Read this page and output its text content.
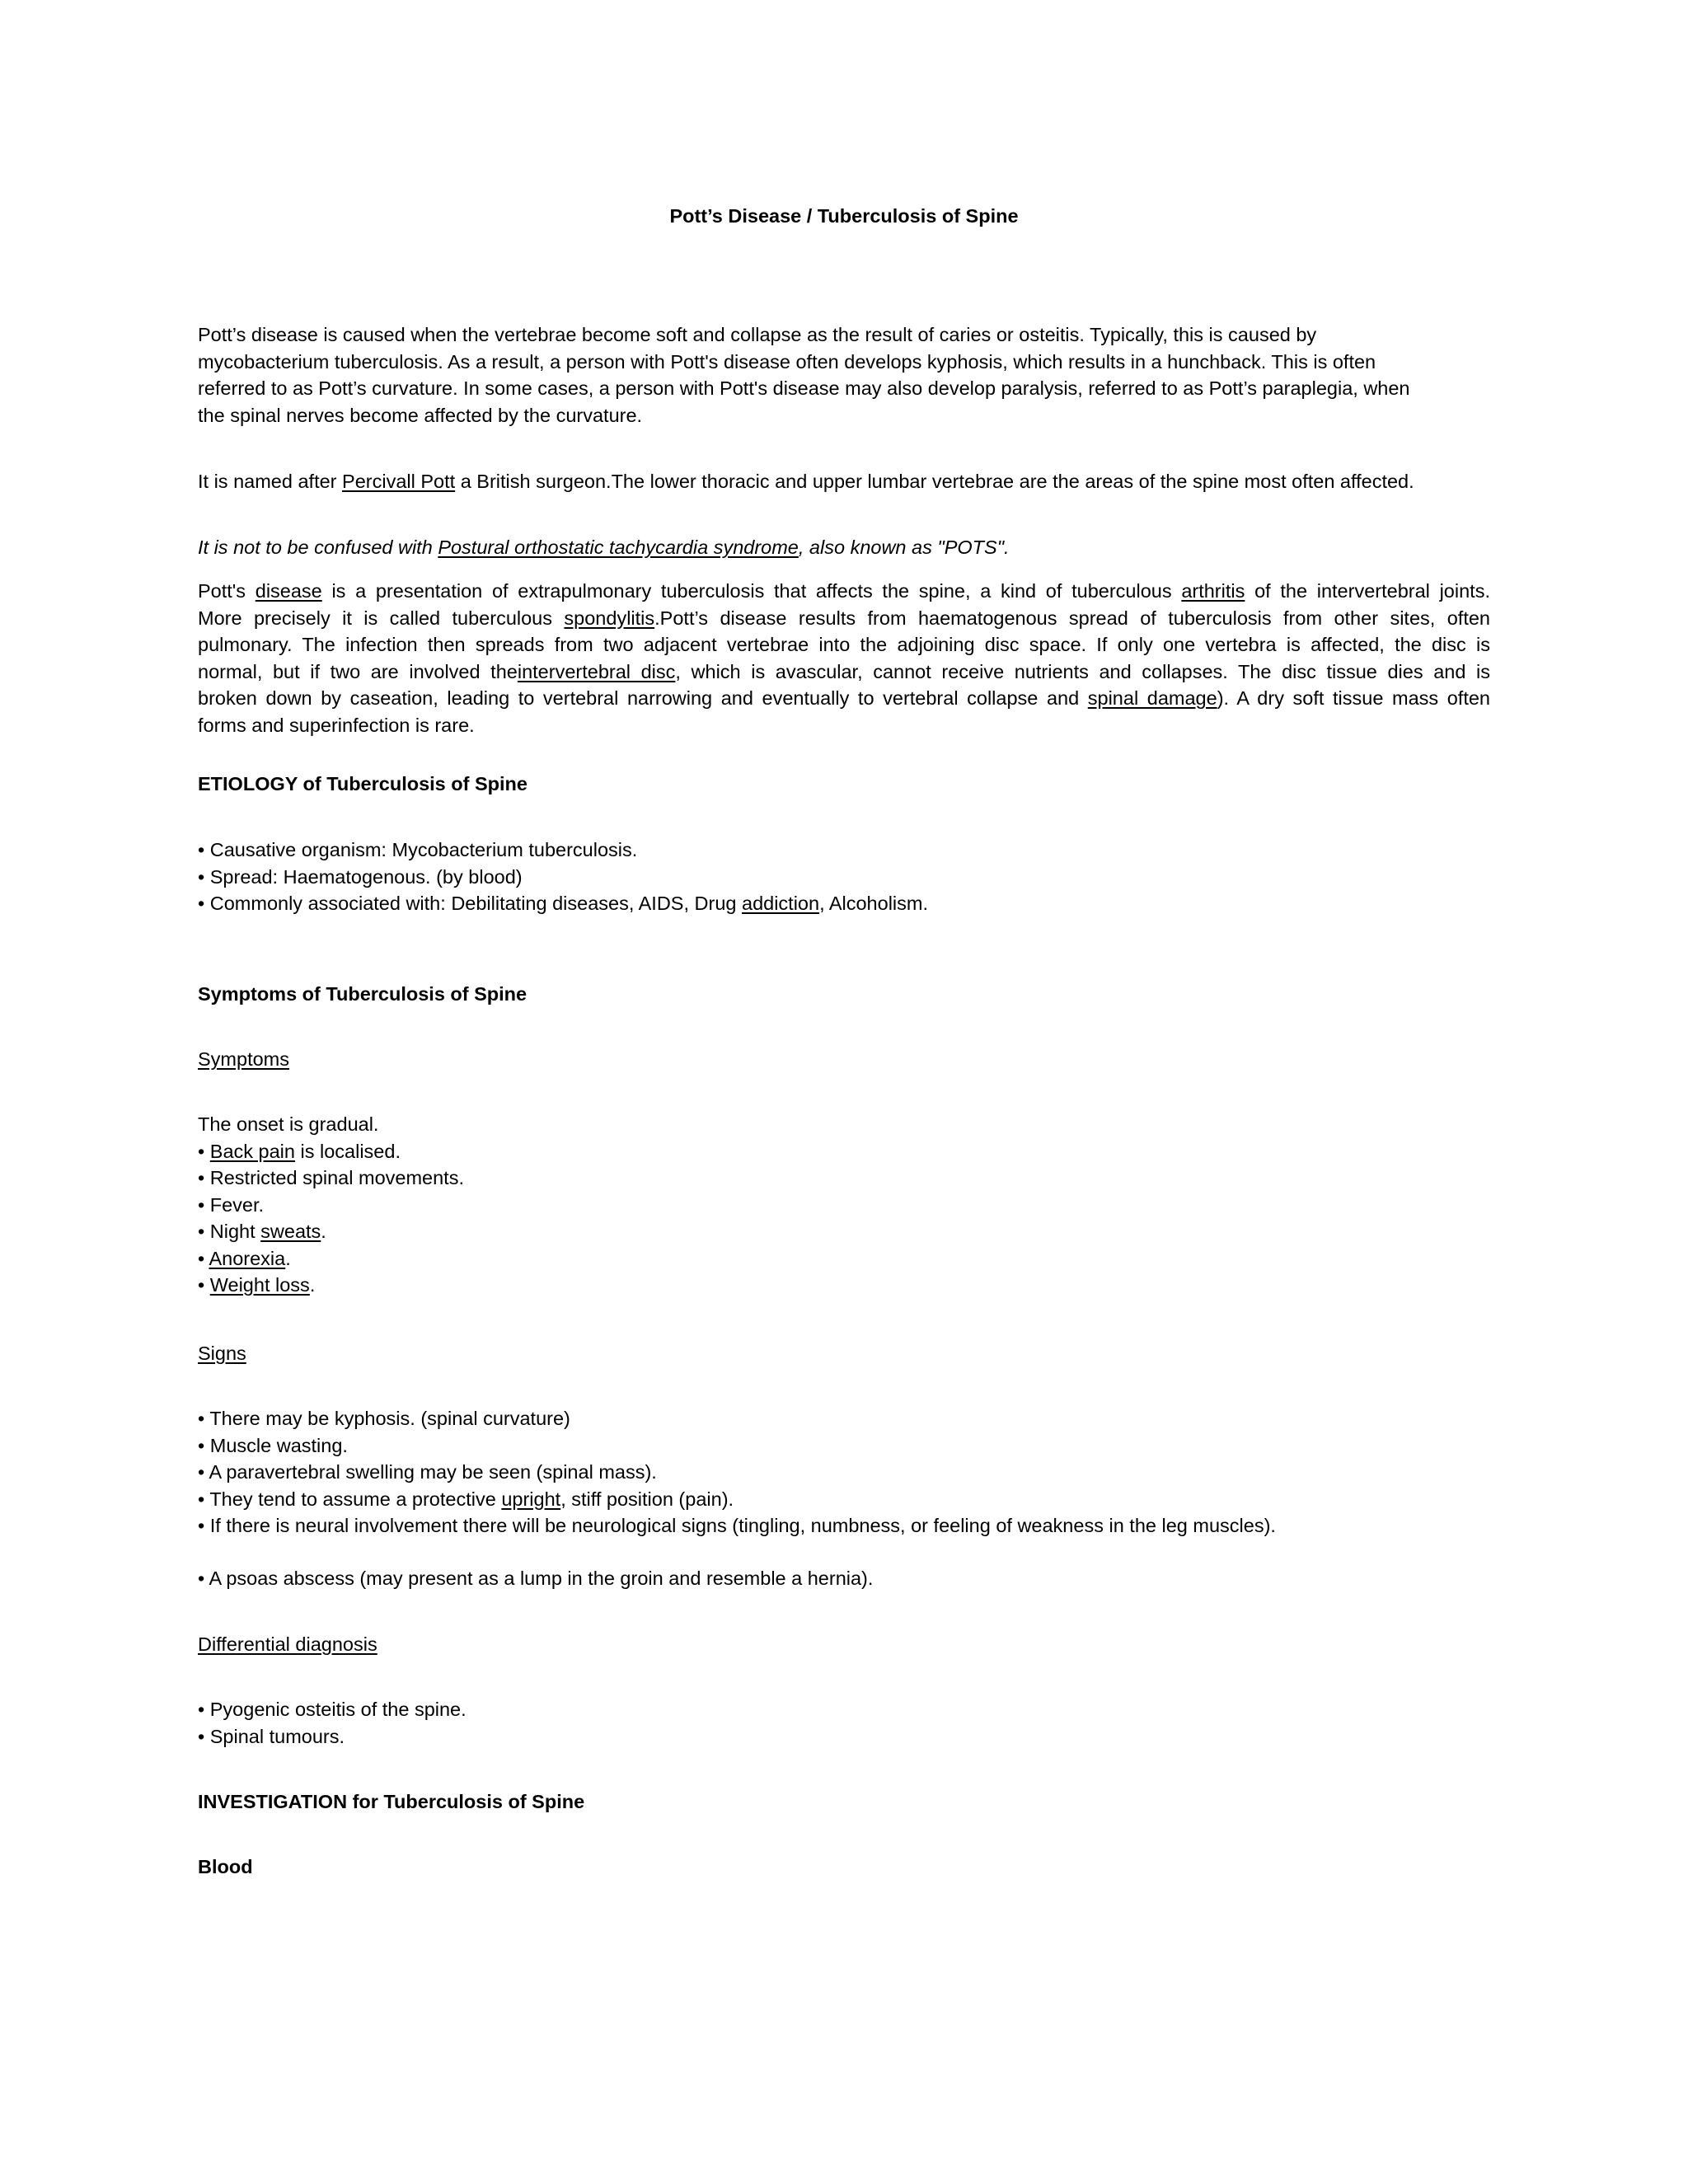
Pott’s Disease / Tuberculosis of Spine
Pott’s disease is caused when the vertebrae become soft and collapse as the result of caries or osteitis. Typically, this is caused by
mycobacterium tuberculosis. As a result, a person with Pott's disease often develops kyphosis, which results in a hunchback. This is often
referred to as Pott’s curvature. In some cases, a person with Pott's disease may also develop paralysis, referred to as Pott’s paraplegia, when
the spinal nerves become affected by the curvature.
It is named after Percivall Pott a British surgeon.The lower thoracic and upper lumbar vertebrae are the areas of the spine most often affected.
It is not to be confused with Postural orthostatic tachycardia syndrome, also known as "POTS".
Pott's disease is a presentation of extrapulmonary tuberculosis that affects the spine, a kind of tuberculous arthritis of the intervertebral joints.
More precisely it is called tuberculous spondylitis.Pott’s disease results from haematogenous spread of tuberculosis from other sites, often
pulmonary. The infection then spreads from two adjacent vertebrae into the adjoining disc space. If only one vertebra is affected, the disc is
normal, but if two are involved theintervertebral disc, which is avascular, cannot receive nutrients and collapses. The disc tissue dies and is
broken down by caseation, leading to vertebral narrowing and eventually to vertebral collapse and spinal damage). A dry soft tissue mass often
forms and superinfection is rare.
ETIOLOGY of Tuberculosis of Spine
• Causative organism: Mycobacterium tuberculosis.
• Spread: Haematogenous. (by blood)
• Commonly associated with: Debilitating diseases, AIDS, Drug addiction, Alcoholism.
Symptoms of Tuberculosis of Spine
Symptoms
The onset is gradual.
• Back pain is localised.
• Restricted spinal movements.
• Fever.
• Night sweats.
• Anorexia.
• Weight loss.
Signs
• There may be kyphosis. (spinal curvature)
• Muscle wasting.
• A paravertebral swelling may be seen (spinal mass).
• They tend to assume a protective upright, stiff position (pain).
• If there is neural involvement there will be neurological signs (tingling, numbness, or feeling of weakness in the leg muscles).
• A psoas abscess (may present as a lump in the groin and resemble a hernia).
Differential diagnosis
• Pyogenic osteitis of the spine.
• Spinal tumours.
INVESTIGATION for Tuberculosis of Spine
Blood
